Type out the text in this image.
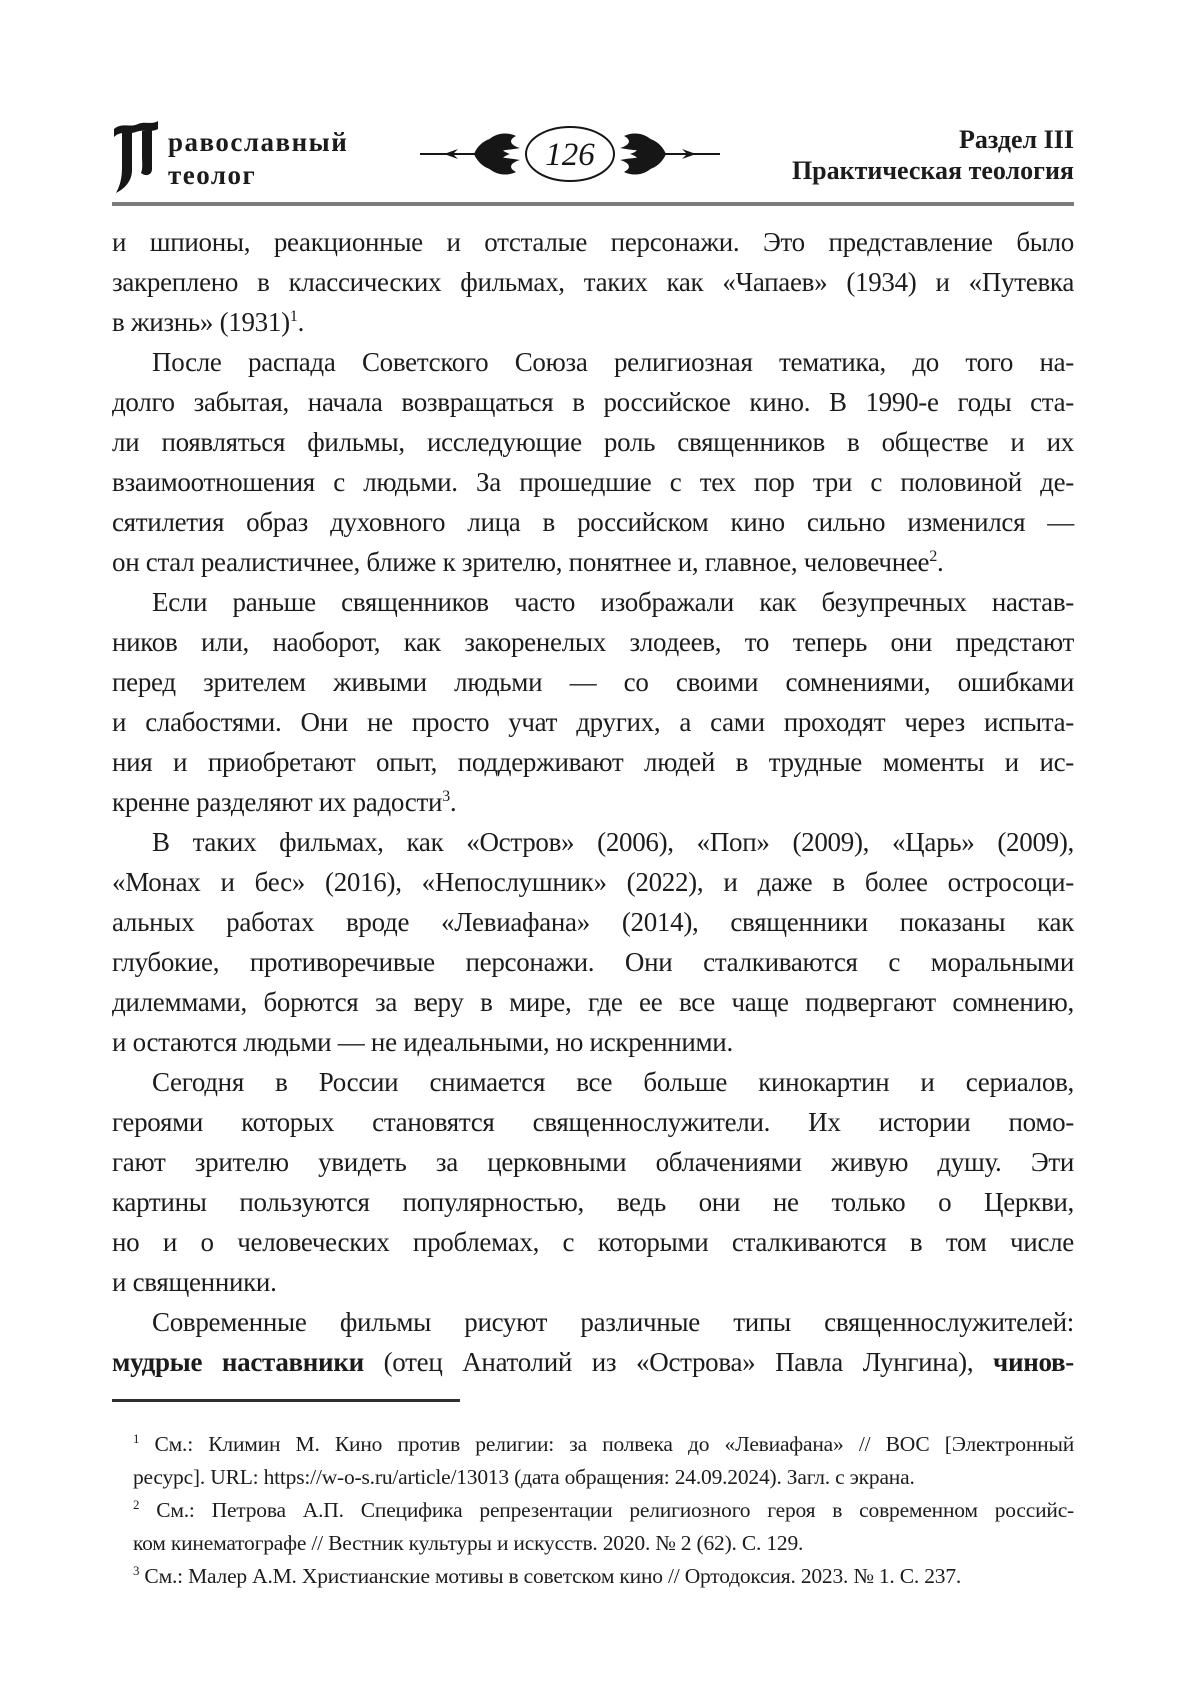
равославный
теолог
126	Раздел III
Практическая теология
и шпионы, реакционные и отсталые персонажи. Это представление было
закреплено в классических фильмах, таких как «Чапаев» (1934) и «Путевка
в жизнь» $(1931)^1$.
После распада Советского Союза религиозная тематика, до того на-
долго забытая, начала возвращаться в российское кино. В 1990-е годы ста-
ли появляться фильмы, исследующие роль священников в обществе и их
взаимоотношения с людьми. За прошедшие с тех пор три с половиной де-
сятилетия образ духовного лица в российском кино сильно изменился —
он стал реалистичнее, ближе к зрителю, понятнее и, главное, человечнее$^2$.
Если раньше священников часто изображали как безупречных настав-
ников или, наоборот, как закоренелых злодеев, то теперь они предстают
перед зрителем живыми людьми — со своими сомнениями, ошибками
и слабостями. Они не просто учат других, а сами проходят через испыта-
ния и приобретают опыт, поддерживают людей в трудные моменты и ис-
кренне разделяют их радости$^3$.
В таких фильмах, как «Остров» (2006), «Поп» (2009), «Царь» (2009),
«Монах и бес» (2016), «Непослушник» (2022), и даже в более остросоци-
альных работах вроде «Левиафана» (2014), священники показаны как
глубокие, противоречивые персонажи. Они сталкиваются с моральными
дилеммами, борются за веру в мире, где ее все чаще подвергают сомнению,
и остаются людьми — не идеальными, но искренними.
Сегодня в России снимается все больше кинокартин и сериалов,
героями которых становятся священнослужители. Их истории помо-
гают зрителю увидеть за церковными облачениями живую душу. Эти
картины пользуются популярностью, ведь они не только о Церкви,
но и о человеческих проблемах, с которыми сталкиваются в том числе
и священники.
Современные фильмы рисуют различные типы священнослужителей:
мудрые наставники (отец Анатолий из «Острова» Павла Лунгина), чинов-
$^1$ См.: Климин М. Кино против религии: за полвека до «Левиафана» // ВОС [Электронный
ресурс]. URL: https://w-o-s.ru/article/13013 (дата обращения: 24.09.2024). Загл. с экрана.
$^2$ См.: Петрова А.П. Специфика репрезентации религиозного героя в современном российс-
ком кинематографе // Вестник культуры и искусств. 2020. № 2 (62). С. 129.
$^3$ См.: Малер А.М. Христианские мотивы в советском кино // Ортодоксия. 2023. № 1. С. 237.
